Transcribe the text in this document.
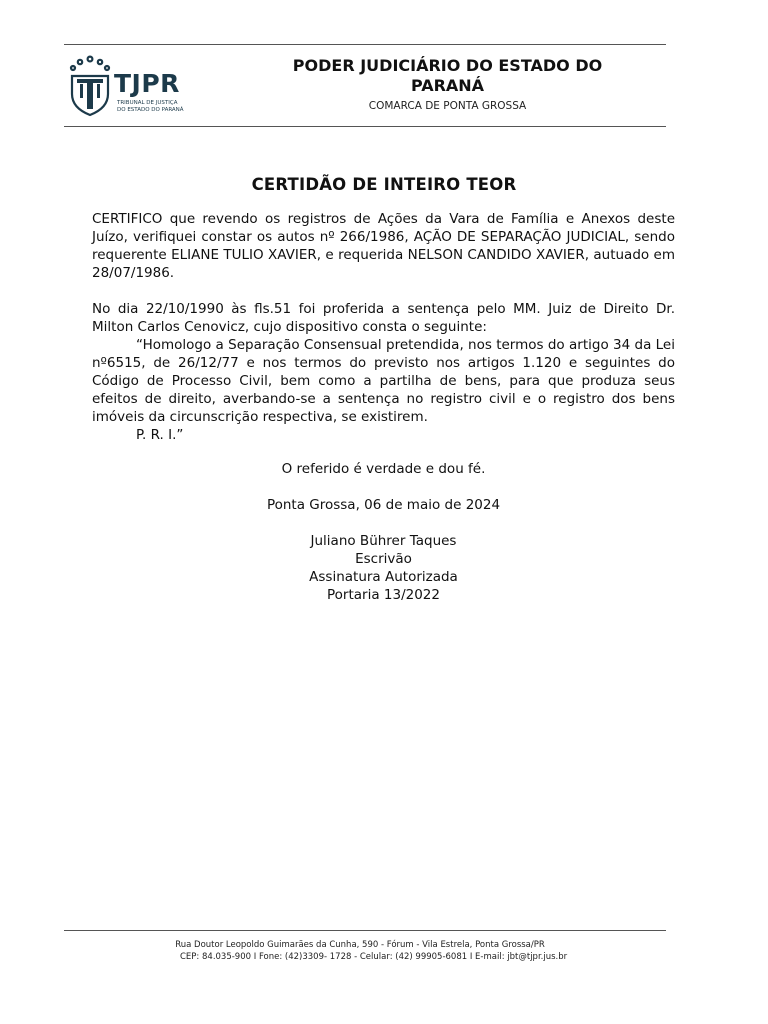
TJPR
TRIBUNAL DE JUSTIÇA
DO ESTADO DO PARANÁ
PODER JUDICIÁRIO DO ESTADO DO PARANÁ
COMARCA DE PONTA GROSSA
CERTIDÃO DE INTEIRO TEOR

CERTIFICO que revendo os registros de Ações da Vara de Família e Anexos deste Juízo, verifiquei constar os autos nº 266/1986, AÇÃO DE SEPARAÇÃO JUDICIAL, sendo requerente ELIANE TULIO XAVIER, e requerida NELSON CANDIDO XAVIER, autuado em 28/07/1986.

No dia 22/10/1990 às fls.51 foi proferida a sentença pelo MM. Juiz de Direito Dr. Milton Carlos Cenovicz, cujo dispositivo consta o seguinte:

“Homologo a Separação Consensual pretendida, nos termos do artigo 34 da Lei nº6515, de 26/12/77 e nos termos do previsto nos artigos 1.120 e seguintes do Código de Processo Civil, bem como a partilha de bens, para que produza seus efeitos de direito, averbando-se a sentença no registro civil e o registro dos bens imóveis da circunscrição respectiva, se existirem.

P. R. I.”

O referido é verdade e dou fé.
Ponta Grossa, 06 de maio de 2024
Juliano Bührer Taques
Escrivão
Assinatura Autorizada
Portaria 13/2022
Rua Doutor Leopoldo Guimarães da Cunha, 590 - Fórum - Vila Estrela, Ponta Grossa/PR
CEP: 84.035-900 I Fone: (42)3309- 1728 - Celular: (42) 99905-6081 I E-mail: jbt@tjpr.jus.br
